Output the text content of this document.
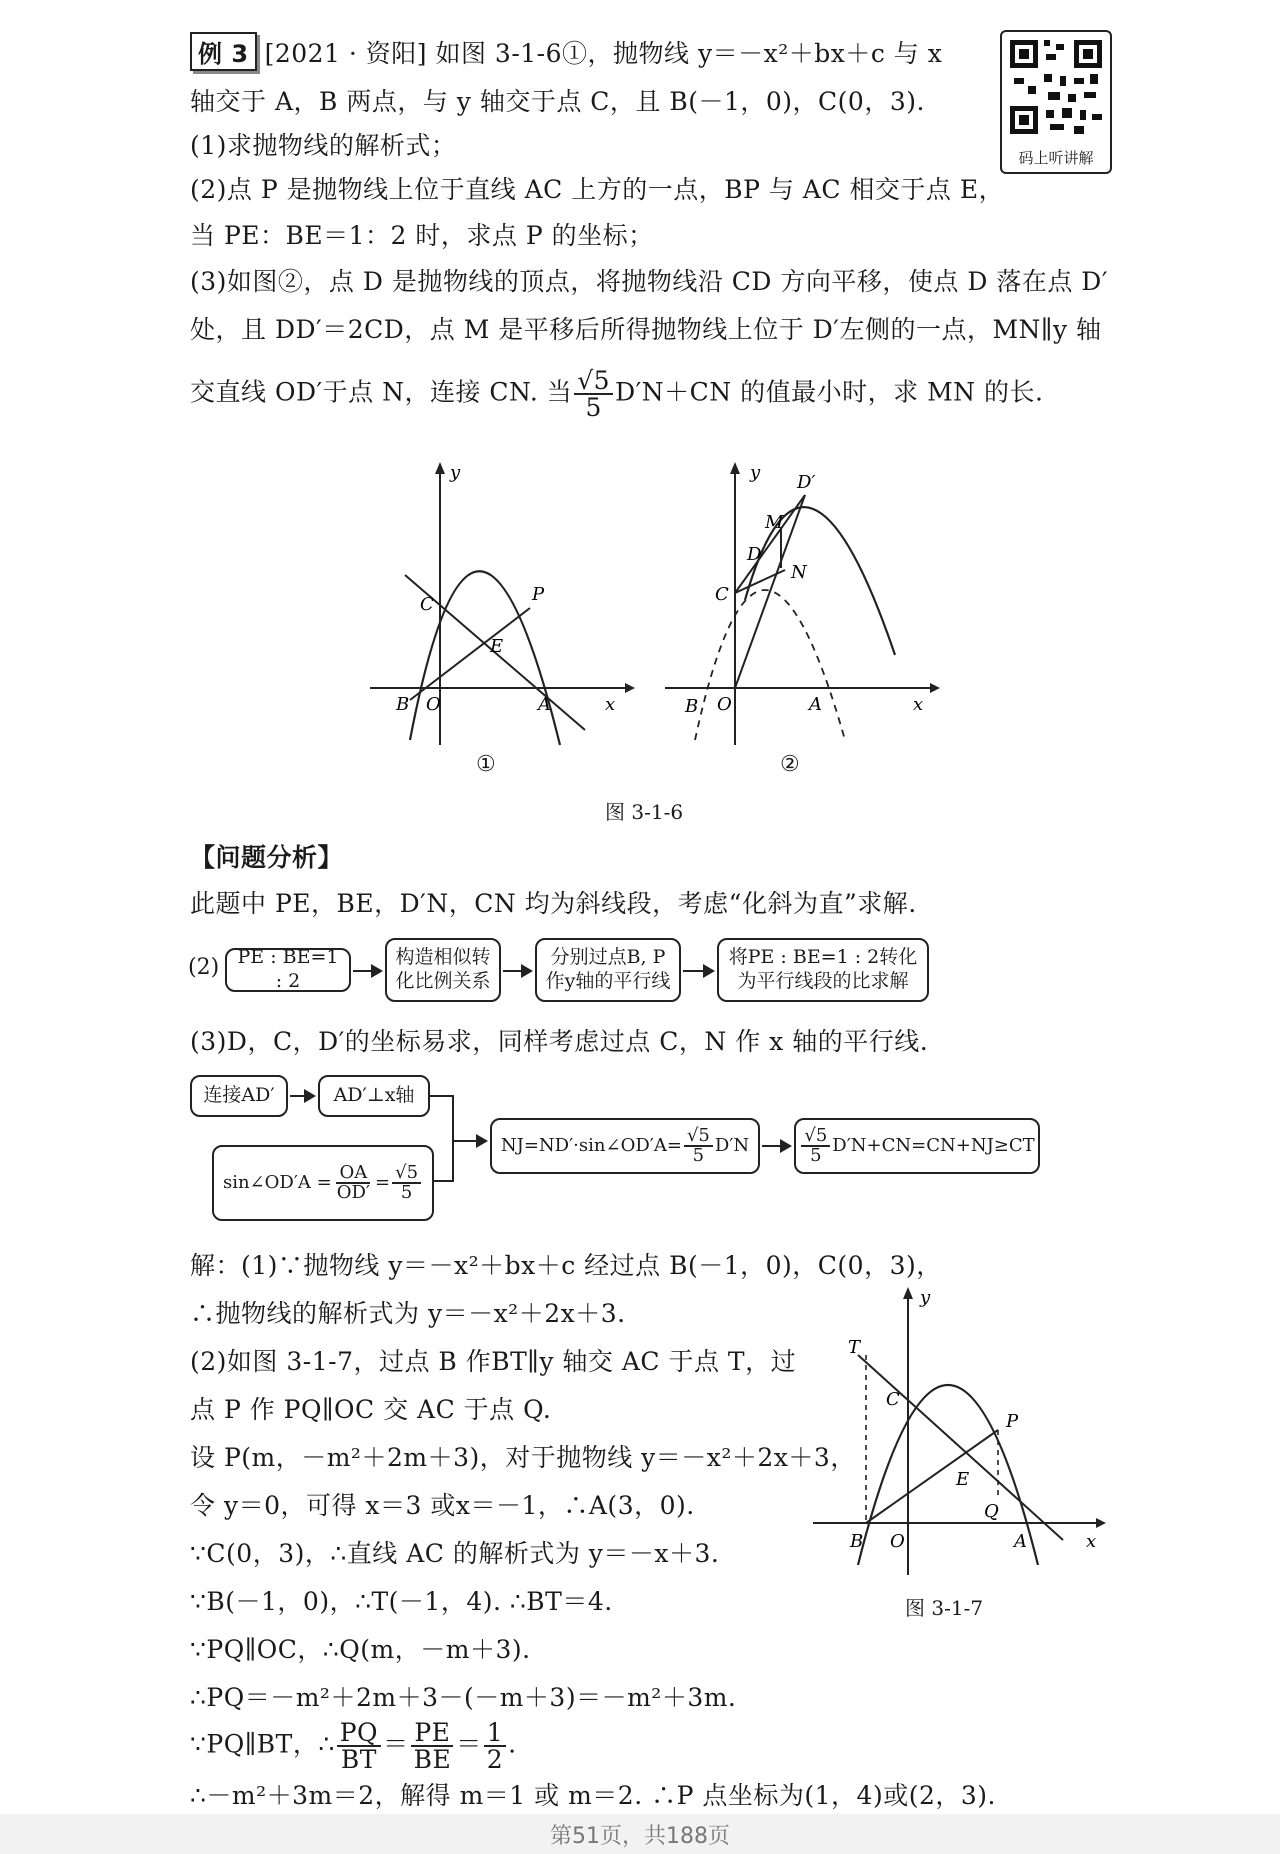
码上听讲解
例 3 [2021 · 资阳] 如图 3-1-6①，抛物线 y＝－x²＋bx＋c 与 x
轴交于 A，B 两点，与 y 轴交于点 C，且 B(－1，0)，C(0，3).
(1)求抛物线的解析式；
(2)点 P 是抛物线上位于直线 AC 上方的一点，BP 与 AC 相交于点 E，
当 PE：BE＝1：2 时，求点 P 的坐标；
(3)如图②，点 D 是抛物线的顶点，将抛物线沿 CD 方向平移，使点 D 落在点 D′
处，且 DD′＝2CD，点 M 是平移后所得抛物线上位于 D′左侧的一点，MN∥y 轴
交直线 OD′于点 N，连接 CN. 当 $\frac{√5}{5} D'N+CN$ 的值最小时，求 MN 的长.
y
x
C	P
E
B O	A
y
x
D′
M
D
N
C
B O	A
①	②
图 3-1-6
【问题分析】
此题中 PE，BE，D′N，CN 均为斜线段，考虑“化斜为直”求解.
(2) PE : BE=1 : 2
构造相似转化比例关系
分别过点B, P作y轴的平行线
将PE : BE=1 : 2转化为平行线段的比求解
(3)D，C，D′的坐标易求，同样考虑过点 C，N 作 x 轴的平行线.
连接AD′	AD′⊥x轴
sin∠OD′A = $\frac{OA}{OD'} = \frac{√5}{5}$
NJ=ND′·sin∠OD′A= $\frac{√5}{5} D'N$	$\frac{√5}{5} D'N+CN=CN+NJ\ge CT$
解：(1)∵抛物线 y＝－x²＋bx＋c 经过点 B(－1，0)，C(0，3)，
∴抛物线的解析式为 y＝－x²＋2x＋3.
(2)如图 3-1-7，过点 B 作BT∥y 轴交 AC 于点 T，过
点 P 作 PQ∥OC 交 AC 于点 Q.
设 P(m，－m²＋2m＋3)，对于抛物线 y＝－x²＋2x＋3，
令 y＝0，可得 x＝3 或x＝－1，∴A(3，0).
∵C(0，3)，∴直线 AC 的解析式为 y＝－x＋3.
∵B(－1，0)，∴T(－1，4). ∴BT＝4.
∵PQ∥OC，∴Q(m，－m＋3).
∴PQ＝－m²＋2m＋3－(－m＋3)＝－m²＋3m.
∵PQ∥BT，∴ $\frac{PQ}{BT} = \frac{PE}{BE} = \frac{1}{2}$ .
∴－m²＋3m＝2，解得 m＝1 或 m＝2. ∴P 点坐标为(1，4)或(2，3).
y
x
T
C
P
E
Q
B O	A
图 3-1-7
第51页，共188页
